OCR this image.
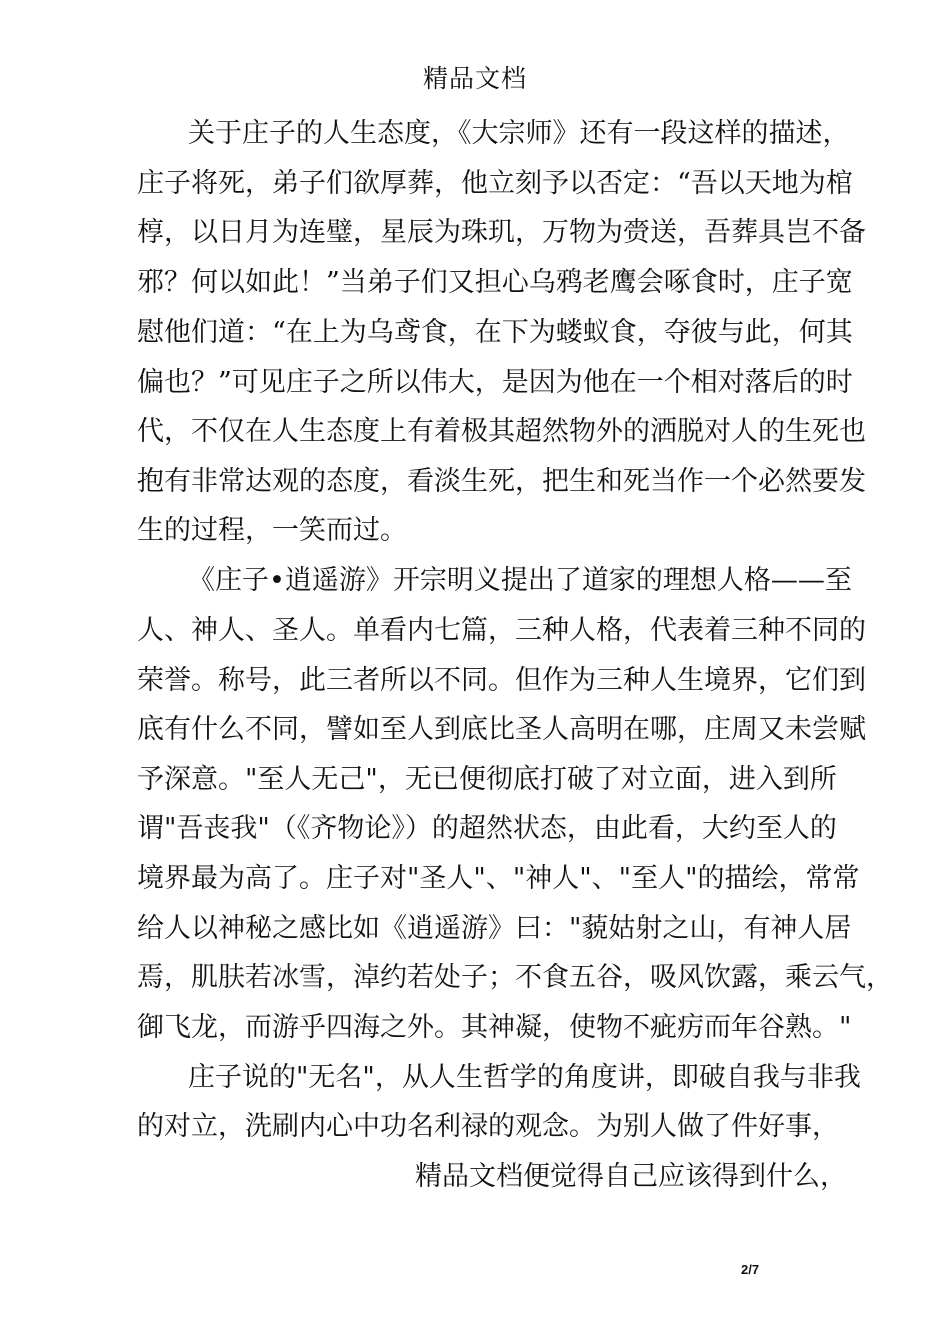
精品文档
关于庄子的人生态度，《大宗师》还有一段这样的描述，
庄子将死，弟子们欲厚葬，他立刻予以否定：“吾以天地为棺
椁，以日月为连璧，星辰为珠玑，万物为赍送，吾葬具岂不备
邪？何以如此！”当弟子们又担心乌鸦老鹰会啄食时，庄子宽
慰他们道：“在上为乌鸢食，在下为蝼蚁食，夺彼与此，何其
偏也？”可见庄子之所以伟大，是因为他在一个相对落后的时
代，不仅在人生态度上有着极其超然物外的洒脱对人的生死也
抱有非常达观的态度，看淡生死，把生和死当作一个必然要发
生的过程，一笑而过。
《庄子•逍遥游》开宗明义提出了道家的理想人格——至
人、神人、圣人。单看内七篇，三种人格，代表着三种不同的
荣誉。称号，此三者所以不同。但作为三种人生境界，它们到
底有什么不同，譬如至人到底比圣人高明在哪，庄周又未尝赋
予深意。"至人无己"，无已便彻底打破了对立面，进入到所
谓"吾丧我"（《齐物论》）的超然状态，由此看，大约至人的
境界最为高了。庄子对"圣人"、"神人"、"至人"的描绘，常常
给人以神秘之感比如《逍遥游》曰："藐姑射之山，有神人居
焉，肌肤若冰雪，淖约若处子；不食五谷，吸风饮露，乘云气，
御飞龙，而游乎四海之外。其神凝，使物不疵疠而年谷熟。"
庄子说的"无名"，从人生哲学的角度讲，即破自我与非我
的对立，洗刷内心中功名利禄的观念。为别人做了件好事，
精品文档便觉得自己应该得到什么，
2/7
